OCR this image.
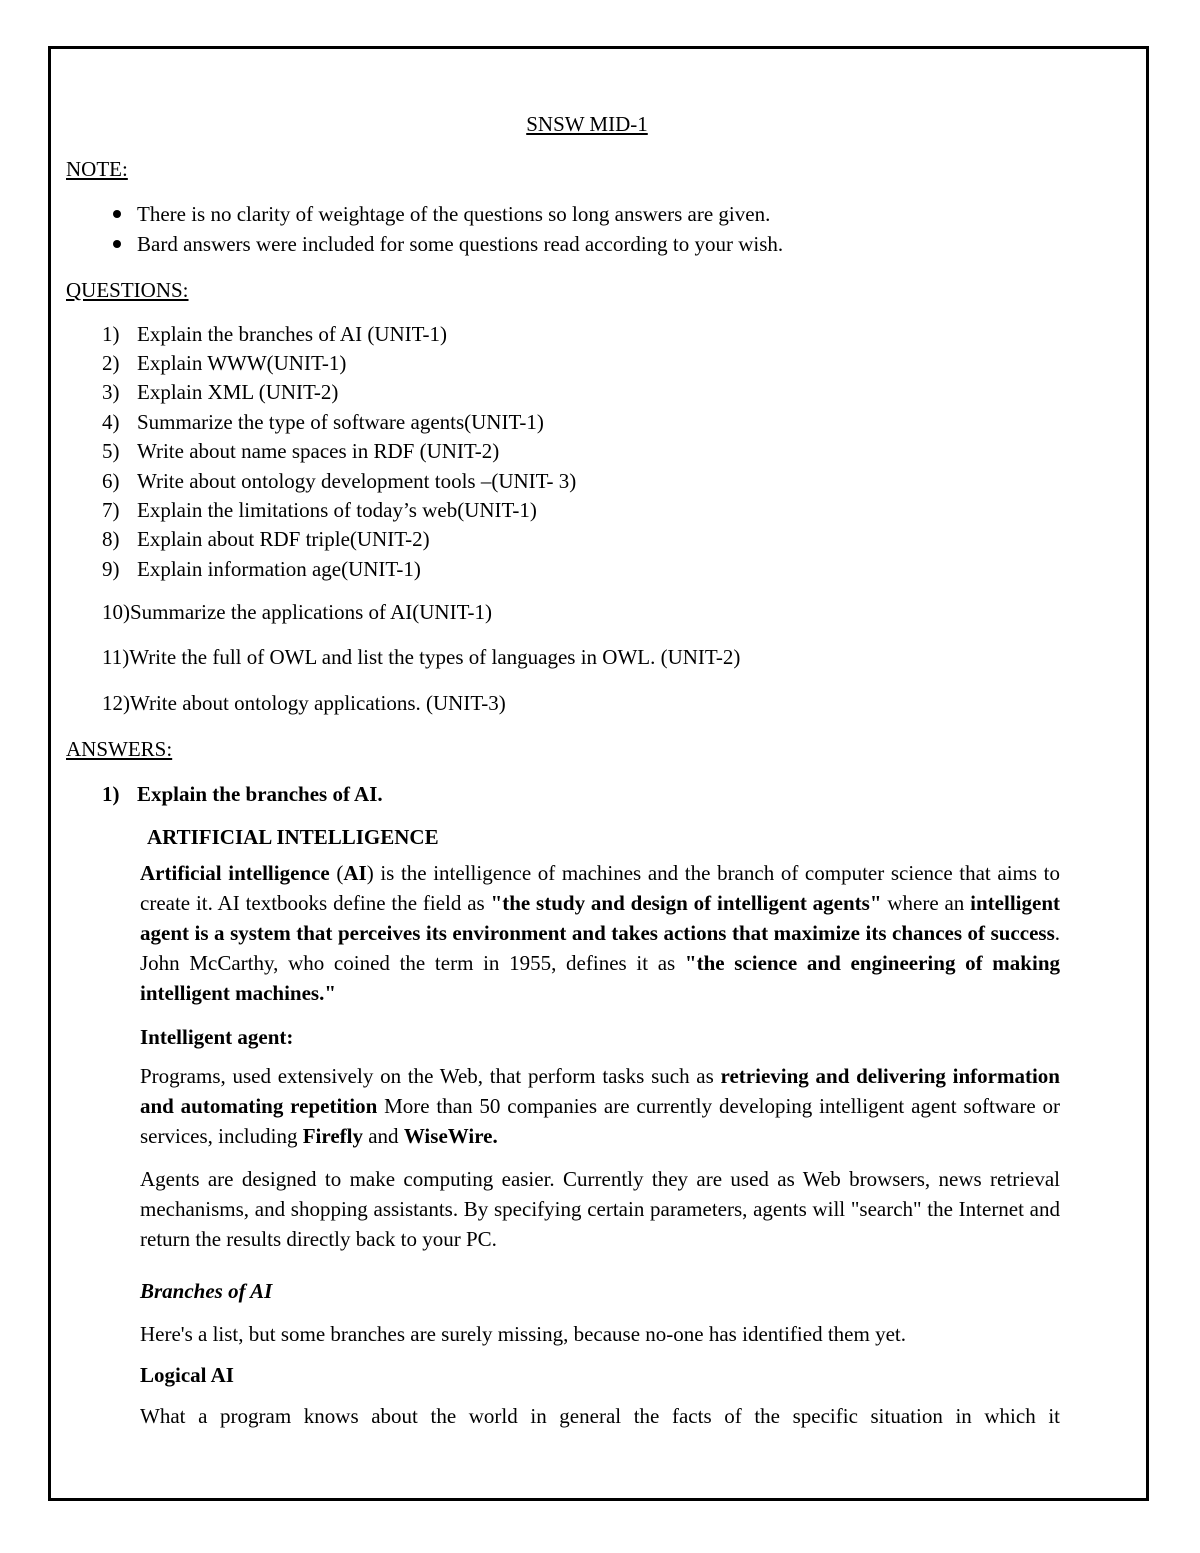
SNSW MID-1
NOTE:
There is no clarity of weightage of the questions so long answers are given.
Bard answers were included for some questions read according to your wish.
QUESTIONS:
1) Explain the branches of AI (UNIT-1)
2) Explain WWW(UNIT-1)
3) Explain XML (UNIT-2)
4) Summarize the type of software agents(UNIT-1)
5) Write about name spaces in RDF (UNIT-2)
6) Write about ontology development tools –(UNIT- 3)
7) Explain the limitations of today’s web(UNIT-1)
8) Explain about RDF triple(UNIT-2)
9) Explain information age(UNIT-1)
10)Summarize the applications of AI(UNIT-1)
11)Write the full of OWL and list the types of languages in OWL. (UNIT-2)
12)Write about ontology applications. (UNIT-3)
ANSWERS:
1) Explain the branches of AI.
ARTIFICIAL INTELLIGENCE
Artificial intelligence (AI) is the intelligence of machines and the branch of computer science that aims to create it. AI textbooks define the field as "the study and design of intelligent agents" where an intelligent agent is a system that perceives its environment and takes actions that maximize its chances of success. John McCarthy, who coined the term in 1955, defines it as "the science and engineering of making intelligent machines."
Intelligent agent:
Programs, used extensively on the Web, that perform tasks such as retrieving and delivering information and automating repetition More than 50 companies are currently developing intelligent agent software or services, including Firefly and WiseWire.
Agents are designed to make computing easier. Currently they are used as Web browsers, news retrieval mechanisms, and shopping assistants. By specifying certain parameters, agents will "search" the Internet and return the results directly back to your PC.
Branches of AI
Here's a list, but some branches are surely missing, because no-one has identified them yet.
Logical AI
What a program knows about the world in general the facts of the specific situation in which it
